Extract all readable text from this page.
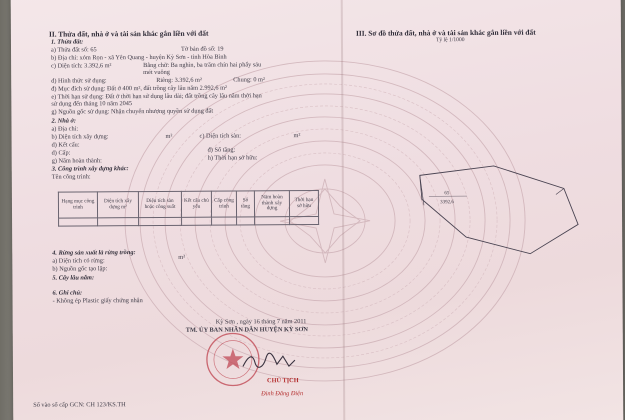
II. Thửa đất, nhà ở và tài sản khác gắn liền với đất
1. Thửa đất:
a) Thửa đất số: 65	Tờ bản đồ số: 19
b) Địa chỉ: xóm Rọn - xã Yên Quang - huyện Kỳ Sơn - tỉnh Hòa Bình
c) Diện tích: 3.392,6 m²	Bằng chữ: Ba nghìn, ba trăm chín hai phẩy sáu
mét vuông
d) Hình thức sử dụng:	Riêng: 3.392,6 m²	Chung: 0 m²
đ) Mục đích sử dụng: Đất ở 400 m², đất trồng cây lâu năm 2.992,6 m²
e) Thời hạn sử dụng: Đất ở thời hạn sử dụng lâu dài; đất trồng cây lâu năm thời hạn
sử dụng đến tháng 10 năm 2045
g) Nguồn gốc sử dụng: Nhận chuyển nhượng quyền sử dụng đất
2. Nhà ở:
a) Địa chỉ:
b) Diện tích xây dựng:	m²	c) Diện tích sàn:	m²
d) Kết cấu:
đ) Số tầng:
d) Cấp:
h) Thời hạn sở hữu:
g) Năm hoàn thành:
3. Công trình xây dựng khác:
Tên công trình:
Hạng mục công trình	Diện tích xây dựng m²	Diện tích sàn hoặc công suất	Kết cấu chủ yếu	Cấp công trình	Số tầng	Năm hoàn thành xây dựng	Thời hạn sở hữu

4. Rừng sản xuất là rừng trồng:
a) Diện tích có rừng:	m²
b) Nguồn gốc tạo lập:
5. Cây lâu năm:
6. Ghi chú:
- Không ép Plastic giấy chứng nhận
Kỳ Sơn , ngày 16 tháng 7 năm 2011
TM. ỦY BAN NHÂN DÂN HUYỆN KỲ SƠN
CHỦ TỊCH
Đinh Đăng Điện
Số vào sổ cấp GCN: CH 123/KS.TH
III. Sơ đồ thửa đất, nhà ở và tài sản khác gắn liền với đất
Tỷ lệ 1/1000
65
3392,6
